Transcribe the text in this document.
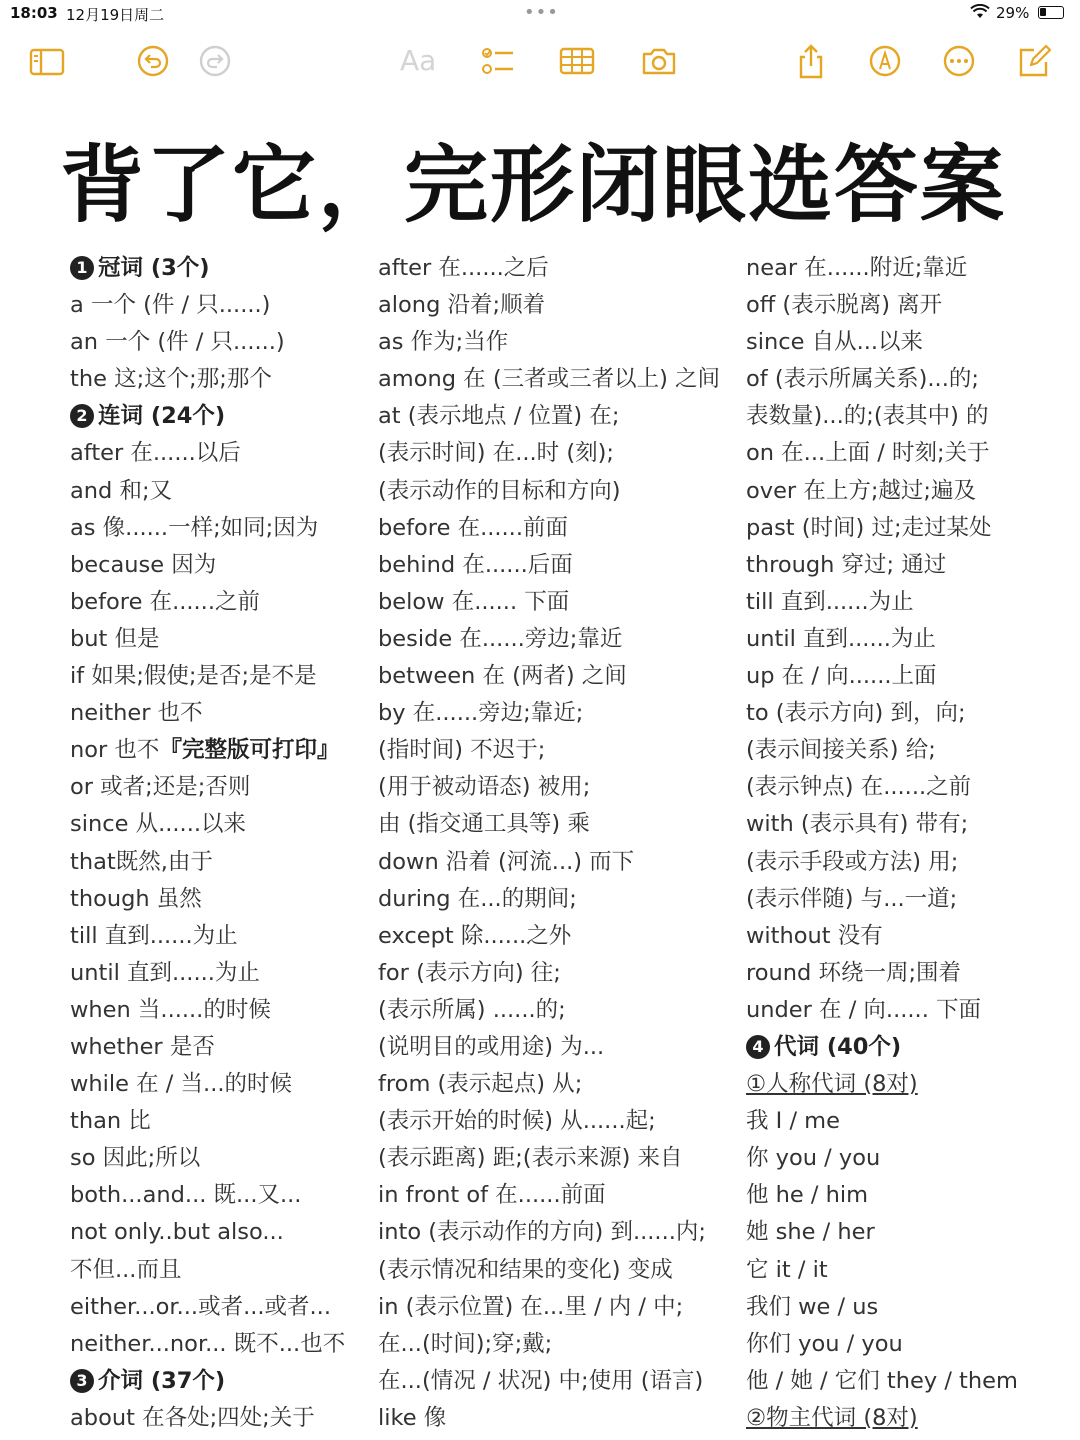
18:03 12月19日周二	•••	29%
Aa
背了它，完形闭眼选答案
1 冠词 (3个)
a 一个 (件 / 只......)
an 一个 (件 / 只......)
the 这;这个;那;那个
2 连词 (24个)
after 在......以后
and 和;又
as 像......一样;如同;因为
because 因为
before 在......之前
but 但是
if 如果;假使;是否;是不是
neither 也不
nor 也不『完整版可打印』
or 或者;还是;否则
since 从......以来
that既然,由于
though 虽然
till 直到......为止
until 直到......为止
when 当......的时候
whether 是否
while 在 / 当...的时候
than 比
so 因此;所以
both...and... 既...又...
not only..but also...
不但...而且
either...or...或者...或者...
neither...nor... 既不...也不
3 介词 (37个)
about 在各处;四处;关于
after 在......之后
along 沿着;顺着
as 作为;当作
among 在 (三者或三者以上) 之间
at (表示地点 / 位置) 在;
(表示时间) 在...时 (刻);
(表示动作的目标和方向)
before 在......前面
behind 在......后面
below 在...... 下面
beside 在......旁边;靠近
between 在 (两者) 之间
by 在......旁边;靠近;
(指时间) 不迟于;
(用于被动语态) 被用;
由 (指交通工具等) 乘
down 沿着 (河流...) 而下
during 在...的期间;
except 除......之外
for (表示方向) 往;
(表示所属) ......的;
(说明目的或用途) 为...
from (表示起点) 从;
(表示开始的时候) 从......起;
(表示距离) 距;(表示来源) 来自
in front of 在......前面
into (表示动作的方向) 到......内;
(表示情况和结果的变化) 变成
in (表示位置) 在...里 / 内 / 中;
在...(时间);穿;戴;
在...(情况 / 状况) 中;使用 (语言)
like 像
near 在......附近;靠近
off (表示脱离) 离开
since 自从...以来
of (表示所属关系)...的;
表数量)...的;(表其中) 的
on 在...上面 / 时刻;关于
over 在上方;越过;遍及
past (时间) 过;走过某处
through 穿过; 通过
till 直到......为止
until 直到......为止
up 在 / 向......上面
to (表示方向) 到，向;
(表示间接关系) 给;
(表示钟点) 在......之前
with (表示具有) 带有;
(表示手段或方法) 用;
(表示伴随) 与...一道;
without 没有
round 环绕一周;围着
under 在 / 向...... 下面
4 代词 (40个)
①人称代词 (8对)
我 I / me
你 you / you
他 he / him
她 she / her
它 it / it
我们 we / us
你们 you / you
他 / 她 / 它们 they / them
②物主代词 (8对)
